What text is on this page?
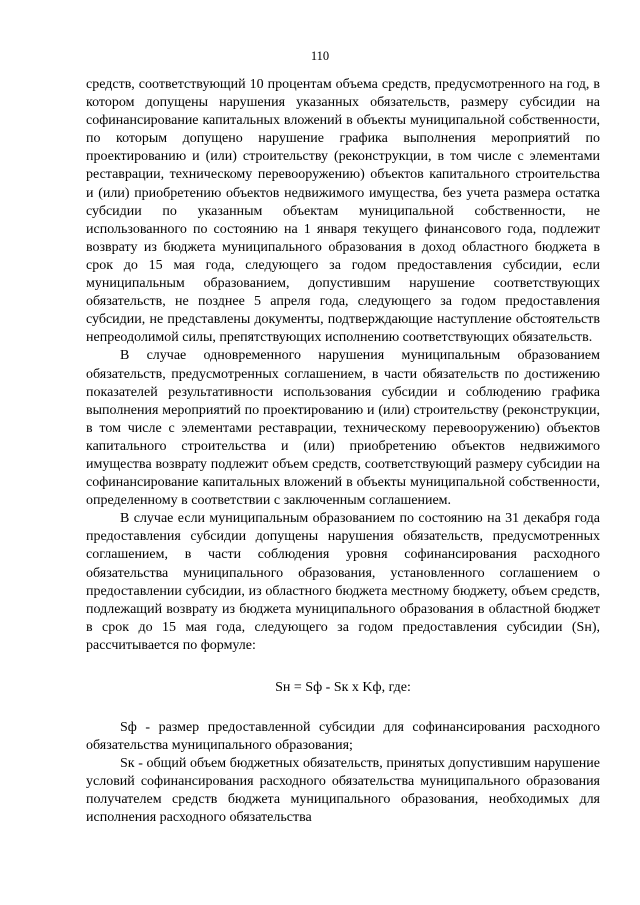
110

средств, соответствующий 10 процентам объема средств, предусмотренного на год, в котором допущены нарушения указанных обязательств, размеру субсидии на софинансирование капитальных вложений в объекты муниципальной собственности, по которым допущено нарушение графика выполнения мероприятий по проектированию и (или) строительству (реконструкции, в том числе с элементами реставрации, техническому перевооружению) объектов капитального строительства и (или) приобретению объектов недвижимого имущества, без учета размера остатка субсидии по указанным объектам муниципальной собственности, не использованного по состоянию на 1 января текущего финансового года, подлежит возврату из бюджета муниципального образования в доход областного бюджета в срок до 15 мая года, следующего за годом предоставления субсидии, если муниципальным образованием, допустившим нарушение соответствующих обязательств, не позднее 5 апреля года, следующего за годом предоставления субсидии, не представлены документы, подтверждающие наступление обстоятельств непреодолимой силы, препятствующих исполнению соответствующих обязательств.

В случае одновременного нарушения муниципальным образованием обязательств, предусмотренных соглашением, в части обязательств по достижению показателей результативности использования субсидии и соблюдению графика выполнения мероприятий по проектированию и (или) строительству (реконструкции, в том числе с элементами реставрации, техническому перевооружению) объектов капитального строительства и (или) приобретению объектов недвижимого имущества возврату подлежит объем средств, соответствующий размеру субсидии на софинансирование капитальных вложений в объекты муниципальной собственности, определенному в соответствии с заключенным соглашением.

В случае если муниципальным образованием по состоянию на 31 декабря года предоставления субсидии допущены нарушения обязательств, предусмотренных соглашением, в части соблюдения уровня софинансирования расходного обязательства муниципального образования, установленного соглашением о предоставлении субсидии, из областного бюджета местному бюджету, объем средств, подлежащий возврату из бюджета муниципального образования в областной бюджет в срок до 15 мая года, следующего за годом предоставления субсидии (Sн), рассчитывается по формуле:

Sн = Sф - Sк х Kф, где:

Sф - размер предоставленной субсидии для софинансирования расходного обязательства муниципального образования;

Sк - общий объем бюджетных обязательств, принятых допустившим нарушение условий софинансирования расходного обязательства муниципального образования получателем средств бюджета муниципального образования, необходимых для исполнения расходного обязательства
